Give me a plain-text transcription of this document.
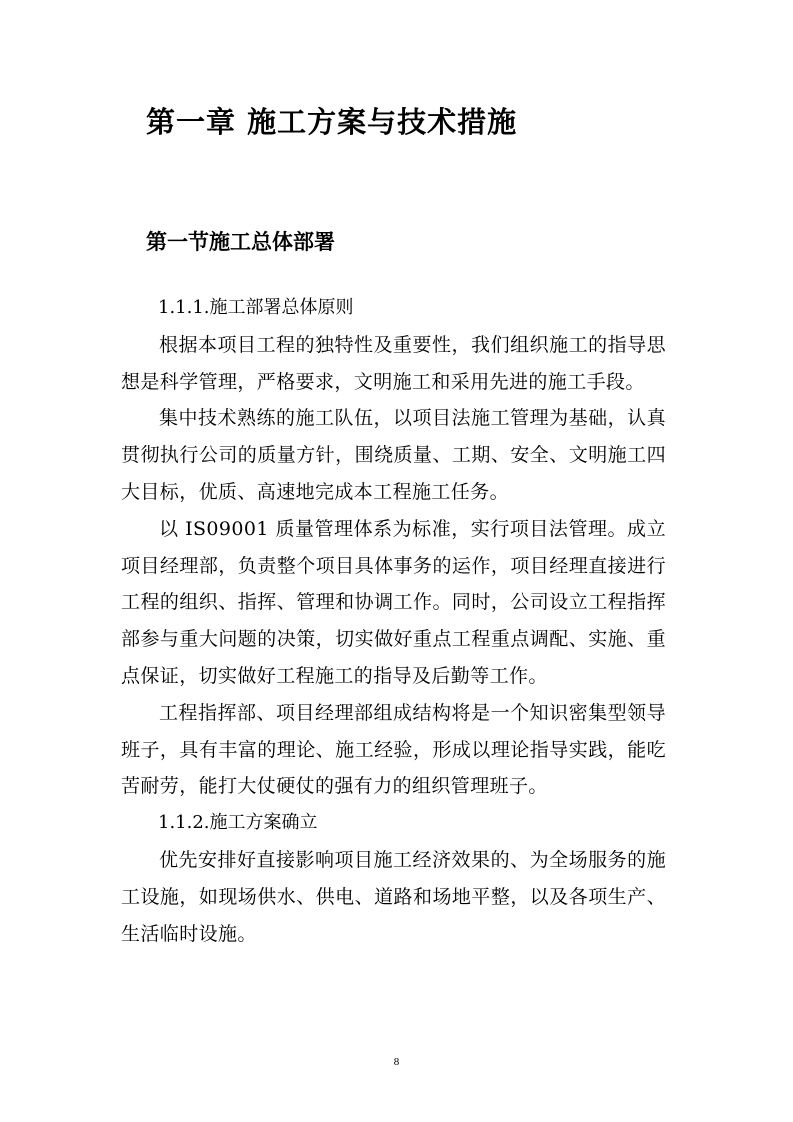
第一章 施工方案与技术措施
第一节施工总体部署

1.1.1.施工部署总体原则

根据本项目工程的独特性及重要性，我们组织施工的指导思想是科学管理，严格要求，文明施工和采用先进的施工手段。

集中技术熟练的施工队伍，以项目法施工管理为基础，认真贯彻执行公司的质量方针，围绕质量、工期、安全、文明施工四大目标，优质、高速地完成本工程施工任务。

以 IS09001 质量管理体系为标准，实行项目法管理。成立项目经理部，负责整个项目具体事务的运作，项目经理直接进行工程的组织、指挥、管理和协调工作。同时，公司设立工程指挥部参与重大问题的决策，切实做好重点工程重点调配、实施、重点保证，切实做好工程施工的指导及后勤等工作。

工程指挥部、项目经理部组成结构将是一个知识密集型领导班子，具有丰富的理论、施工经验，形成以理论指导实践，能吃苦耐劳，能打大仗硬仗的强有力的组织管理班子。

1.1.2.施工方案确立

优先安排好直接影响项目施工经济效果的、为全场服务的施工设施，如现场供水、供电、道路和场地平整，以及各项生产、生活临时设施。

8
